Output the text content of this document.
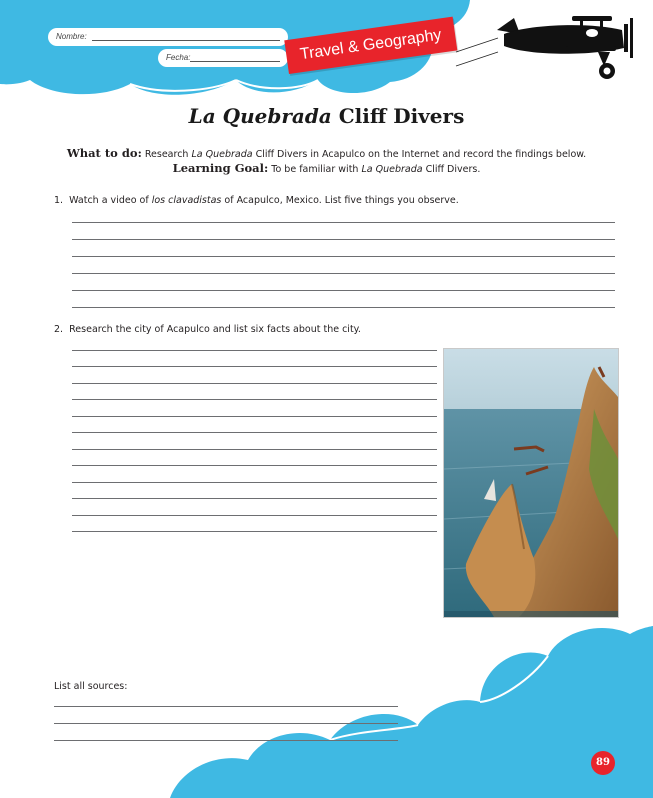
Nombre:
Fecha:	Travel & Geography
La Quebrada Cliff Divers
What to do: Research La Quebrada Cliff Divers in Acapulco on the Internet and record the findings below.
Learning Goal: To be familiar with La Quebrada Cliff Divers.
1. Watch a video of los clavadistas of Acapulco, Mexico. List five things you observe.
2. Research the city of Acapulco and list six facts about the city.
List all sources:
89
